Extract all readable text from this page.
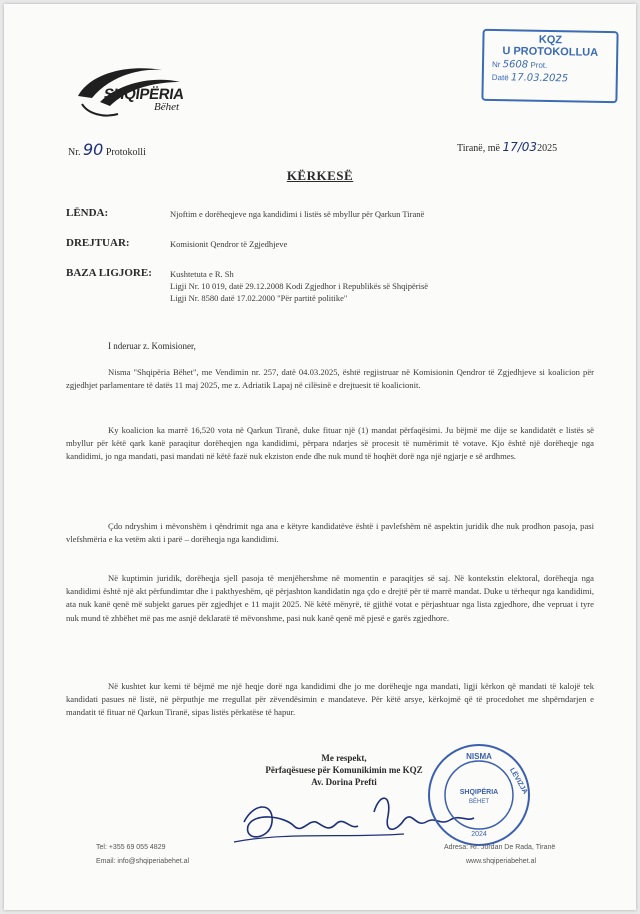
SHQIPËRIA
Bëhet
KQZ
U PROTOKOLLUA
Nr 5608 Prot.
Datë 17.03.2025
Nr. 90 Protokolli	Tiranë, më 17/032025
KËRKESË
LËNDA:	Njoftim e dorëheqjeve nga kandidimi i listës së mbyllur për Qarkun Tiranë
DREJTUAR:	Komisionit Qendror të Zgjedhjeve
BAZA LIGJORE: Kushtetuta e R. Sh
Ligji Nr. 10 019, datë 29.12.2008 Kodi Zgjedhor i Republikës së Shqipërisë
Ligji Nr. 8580 datë 17.02.2000 "Për partitë politike"
I nderuar z. Komisioner,
Nisma "Shqipëria Bëhet", me Vendimin nr. 257, datë 04.03.2025, është regjistruar në Komisionin Qendror të Zgjedhjeve si koalicion për zgjedhjet parlamentare të datës 11 maj 2025, me z. Adriatik Lapaj në cilësinë e drejtuesit të koalicionit.
Ky koalicion ka marrë 16,520 vota në Qarkun Tiranë, duke fituar një (1) mandat përfaqësimi. Ju bëjmë me dije se kandidatët e listës së mbyllur për këtë qark kanë paraqitur dorëheqjen nga kandidimi, përpara ndarjes së procesit të numërimit të votave. Kjo është një dorëheqje nga kandidimi, jo nga mandati, pasi mandati në këtë fazë nuk ekziston ende dhe nuk mund të hoqhët dorë nga një ngjarje e së ardhmes.
Çdo ndryshim i mëvonshëm i qëndrimit nga ana e këtyre kandidatëve është i pavlefshëm në aspektin juridik dhe nuk prodhon pasoja, pasi vlefshmëria e ka vetëm akti i parë – dorëheqja nga kandidimi.
Në kuptimin juridik, dorëheqja sjell pasoja të menjëhershme në momentin e paraqitjes së saj. Në kontekstin elektoral, dorëheqja nga kandidimi është një akt përfundimtar dhe i pakthyeshëm, që përjashton kandidatin nga çdo e drejtë për të marrë mandat. Duke u tërhequr nga kandidimi, ata nuk kanë qenë më subjekt garues për zgjedhjet e 11 majit 2025. Në këtë mënyrë, të gjithë votat e përjashtuar nga lista zgjedhore, dhe vepruat i tyre nuk mund të zhbëhet më pas me asnjë deklaratë të mëvonshme, pasi nuk kanë qenë më pjesë e garës zgjedhore.
Në kushtet kur kemi të bëjmë me një heqje dorë nga kandidimi dhe jo me dorëheqje nga mandati, ligji kërkon që mandati të kalojë tek kandidati pasues në listë, në përputhje me rregullat për zëvendësimin e mandateve. Për këtë arsye, kërkojmë që të procedohet me shpërndarjen e mandatit të fituar në Qarkun Tiranë, sipas listës përkatëse të hapur.
Me respekt,
Përfaqësuese për Komunikimin me KQZ
Av. Dorina Prefti
NISMA
LËVIZJA
SHQIPËRIA
BËHET
2024
Tel: +355 69 055 4829
Email: info@shqiperiabehet.al
Adresa: Rr. Jordan De Rada, Tiranë
www.shqiperiabehet.al
